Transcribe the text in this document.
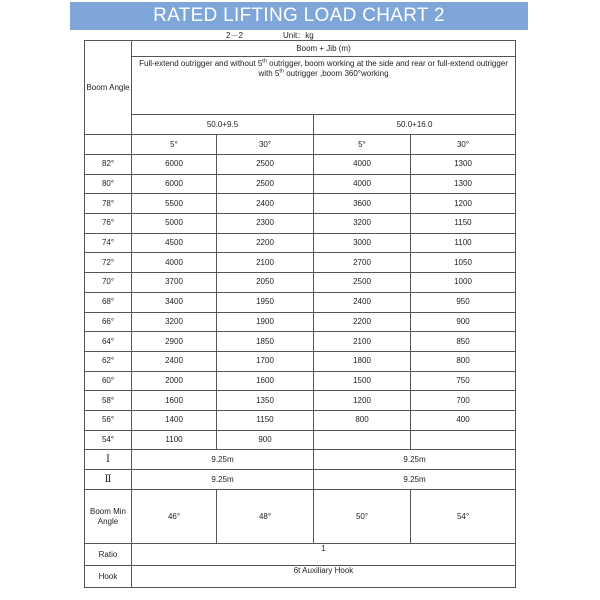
RATED LIFTING LOAD CHART 2
2－2	Unit：kg
Boom Angle	Boom + Jib (m)			
	Full-extend outrigger and without 5th outrigger, boom working at the side and rear or full-extend outrigger with 5th outrigger ,boom 360°working			
	50.0+9.5		50.0+16.0	
	5°	30°	5°	30°
82°	6000	2500	4000	1300
80°	6000	2500	4000	1300
78°	5500	2400	3600	1200
76°	5000	2300	3200	1150
74°	4500	2200	3000	1100
72°	4000	2100	2700	1050
70°	3700	2050	2500	1000
68°	3400	1950	2400	950
66°	3200	1900	2200	900
64°	2900	1850	2100	850
62°	2400	1700	1800	800
60°	2000	1600	1500	750
58°	1600	1350	1200	700
56°	1400	1150	800	400
54°	1100	900		
Ⅰ	9.25m		9.25m	
Ⅱ	9.25m		9.25m	
Boom Min Angle	46°	48°	50°	54°
Ratio	1			
Hook	6t Auxiliary Hook			
